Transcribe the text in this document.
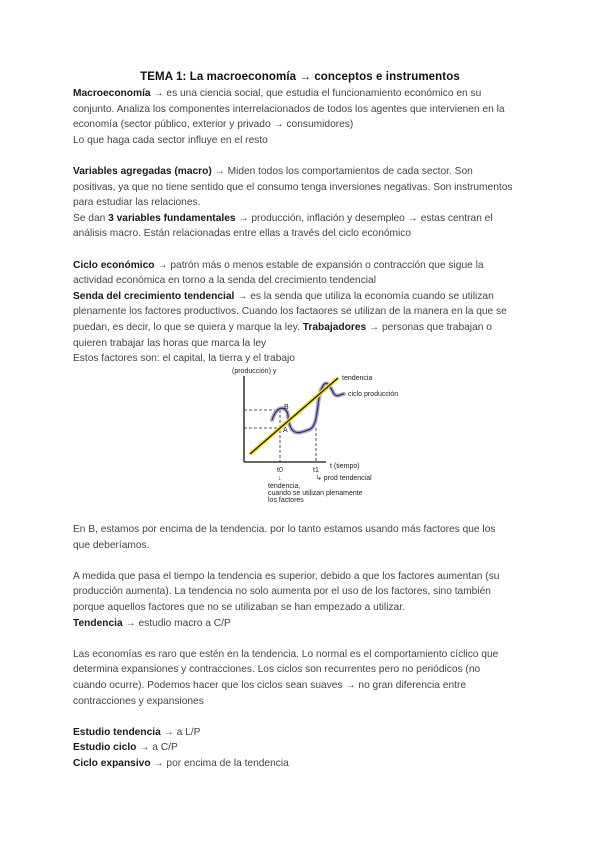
TEMA 1: La macroeconomía → conceptos e instrumentos
Macroeconomía → es una ciencia social, que estudia el funcionamiento económico en su
conjunto. Analiza los componentes interrelacionados de todos los agentes que intervienen en la
economía (sector público, exterior y privado → consumidores)
Lo que haga cada sector influye en el resto
Variables agregadas (macro) → Miden todos los comportamientos de cada sector. Son
positivas, ya que no tiene sentido que el consumo tenga inversiones negativas. Son instrumentos
para estudiar las relaciones.
Se dan 3 variables fundamentales → producción, inflación y desempleo → estas centran el
análisis macro. Están relacionadas entre ellas a través del ciclo económico
Ciclo económico → patrón más o menos estable de expansión o contracción que sigue la
actividad económica en torno a la senda del crecimiento tendencial
Senda del crecimiento tendencial → es la senda que utiliza la economía cuando se utilizan
plenamente los factores productivos. Cuando los factaores se utilizan de la manera en la que se
puedan, es decir, lo que se quiera y marque la ley. Trabajadores → personas que trabajan o
quieren trabajar las horas que marca la ley
Estos factores son: el capital, la tierra y el trabajo
(producción) y
t (tiempo)
tendencia
ciclo producción
B
A
t0	t1
↓
tendencia,
cuando se utilizan plenamente
los factores
↳ prod tendencial
En B, estamos por encima de la tendencia. por lo tanto estamos usando más factores que los
que deberíamos.
A medida que pasa el tiempo la tendencia es superior, debido a que los factores aumentan (su
producción aumenta). La tendencia no solo aumenta por el uso de los factores, sino también
porque aquellos factores que no se utilizaban se han empezado a utilizar.
Tendencia → estudio macro a C/P
Las economías es raro que estén en la tendencia. Lo normal es el comportamiento cíclico que
determina expansiones y contracciones. Los ciclos son recurrentes pero no periódicos (no
cuando ocurre). Podemos hacer que los ciclos sean suaves → no gran diferencia entre
contracciones y expansiones
Estudio tendencia → a L/P
Estudio ciclo → a C/P
Ciclo expansivo → por encima de la tendencia
